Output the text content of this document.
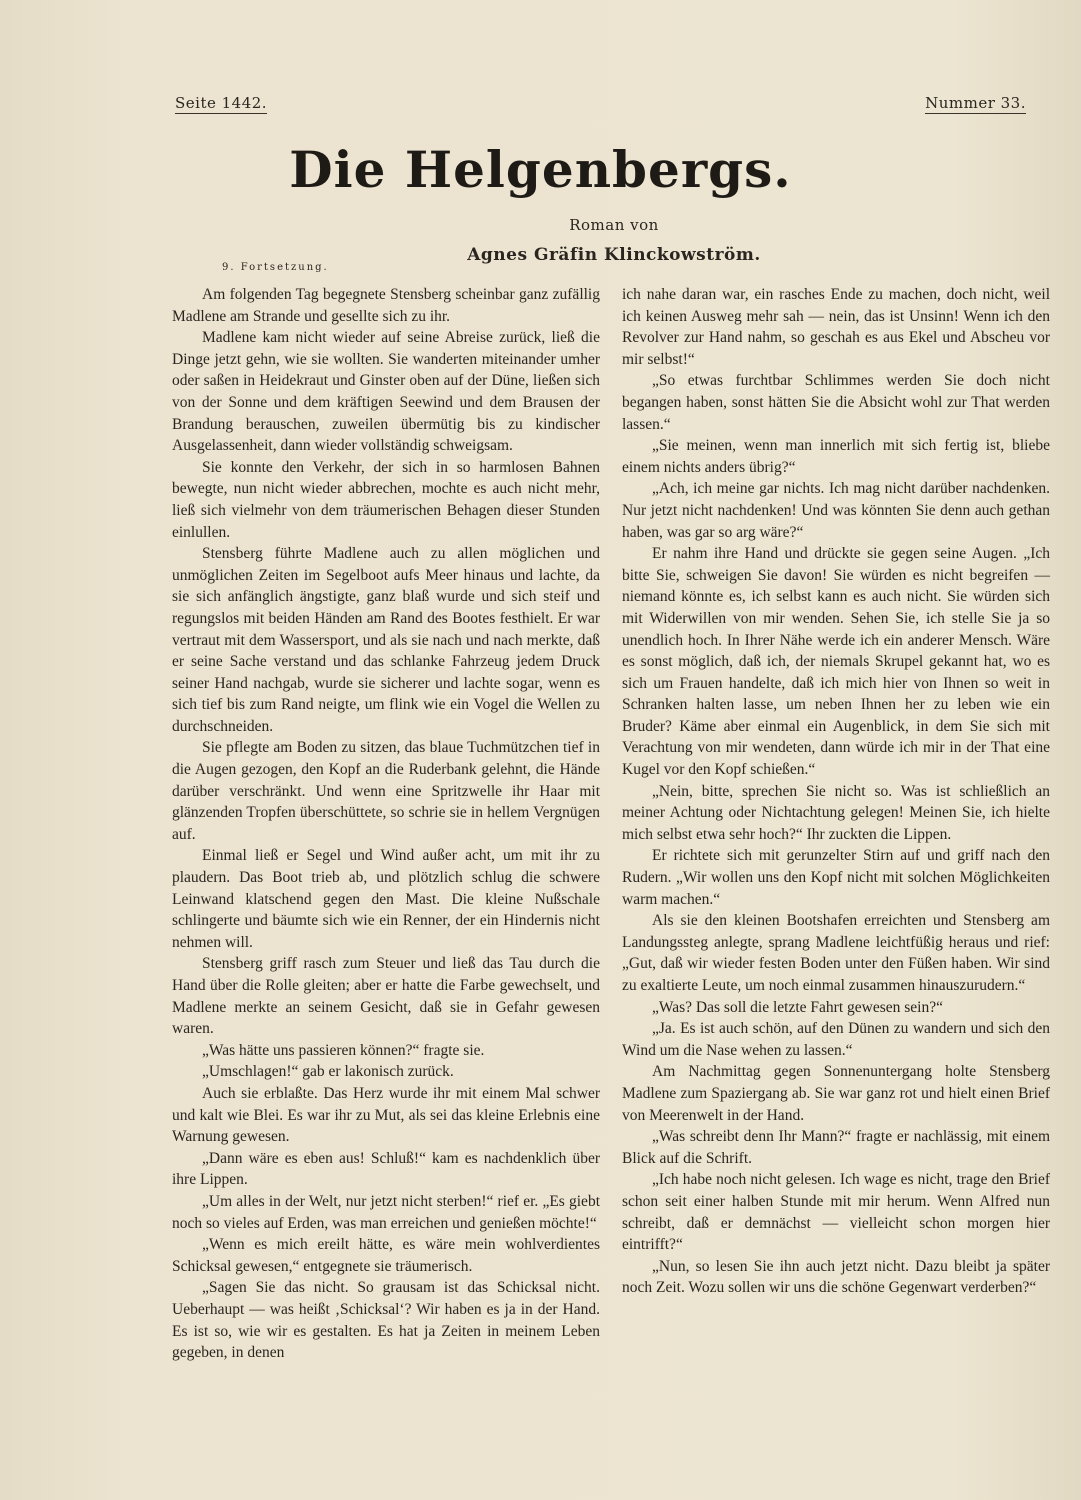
Seite 1442.	Nummer 33.
Die Helgenbergs.
Roman von
Agnes Gräfin Klinckowström.
9. Fortsetzung.

Am folgenden Tag begegnete Stensberg scheinbar ganz zufällig Madlene am Strande und gesellte sich zu ihr.

Madlene kam nicht wieder auf seine Abreise zurück, ließ die Dinge jetzt gehn, wie sie wollten. Sie wanderten miteinander umher oder saßen in Heidekraut und Ginster oben auf der Düne, ließen sich von der Sonne und dem kräftigen Seewind und dem Brausen der Brandung berauschen, zuweilen übermütig bis zu kindischer Ausgelassenheit, dann wieder vollständig schweigsam.

Sie konnte den Verkehr, der sich in so harmlosen Bahnen bewegte, nun nicht wieder abbrechen, mochte es auch nicht mehr, ließ sich vielmehr von dem träumerischen Behagen dieser Stunden einlullen.

Stensberg führte Madlene auch zu allen möglichen und unmöglichen Zeiten im Segelboot aufs Meer hinaus und lachte, da sie sich anfänglich ängstigte, ganz blaß wurde und sich steif und regungslos mit beiden Händen am Rand des Bootes festhielt. Er war vertraut mit dem Wassersport, und als sie nach und nach merkte, daß er seine Sache verstand und das schlanke Fahrzeug jedem Druck seiner Hand nachgab, wurde sie sicherer und lachte sogar, wenn es sich tief bis zum Rand neigte, um flink wie ein Vogel die Wellen zu durchschneiden.

Sie pflegte am Boden zu sitzen, das blaue Tuchmützchen tief in die Augen gezogen, den Kopf an die Ruderbank gelehnt, die Hände darüber verschränkt. Und wenn eine Spritzwelle ihr Haar mit glänzenden Tropfen überschüttete, so schrie sie in hellem Vergnügen auf.

Einmal ließ er Segel und Wind außer acht, um mit ihr zu plaudern. Das Boot trieb ab, und plötzlich schlug die schwere Leinwand klatschend gegen den Mast. Die kleine Nußschale schlingerte und bäumte sich wie ein Renner, der ein Hindernis nicht nehmen will.

Stensberg griff rasch zum Steuer und ließ das Tau durch die Hand über die Rolle gleiten; aber er hatte die Farbe gewechselt, und Madlene merkte an seinem Gesicht, daß sie in Gefahr gewesen waren.

„Was hätte uns passieren können?“ fragte sie.

„Umschlagen!“ gab er lakonisch zurück.

Auch sie erblaßte. Das Herz wurde ihr mit einem Mal schwer und kalt wie Blei. Es war ihr zu Mut, als sei das kleine Erlebnis eine Warnung gewesen.

„Dann wäre es eben aus! Schluß!“ kam es nachdenklich über ihre Lippen.

„Um alles in der Welt, nur jetzt nicht sterben!“ rief er. „Es giebt noch so vieles auf Erden, was man erreichen und genießen möchte!“

„Wenn es mich ereilt hätte, es wäre mein wohlverdientes Schicksal gewesen,“ entgegnete sie träumerisch.

„Sagen Sie das nicht. So grausam ist das Schicksal nicht. Ueberhaupt — was heißt ‚Schicksal‘? Wir haben es ja in der Hand. Es ist so, wie wir es gestalten. Es hat ja Zeiten in meinem Leben gegeben, in denen

ich nahe daran war, ein rasches Ende zu machen, doch nicht, weil ich keinen Ausweg mehr sah — nein, das ist Unsinn! Wenn ich den Revolver zur Hand nahm, so geschah es aus Ekel und Abscheu vor mir selbst!“

„So etwas furchtbar Schlimmes werden Sie doch nicht begangen haben, sonst hätten Sie die Absicht wohl zur That werden lassen.“

„Sie meinen, wenn man innerlich mit sich fertig ist, bliebe einem nichts anders übrig?“

„Ach, ich meine gar nichts. Ich mag nicht darüber nachdenken. Nur jetzt nicht nachdenken! Und was könnten Sie denn auch gethan haben, was gar so arg wäre?“

Er nahm ihre Hand und drückte sie gegen seine Augen. „Ich bitte Sie, schweigen Sie davon! Sie würden es nicht begreifen — niemand könnte es, ich selbst kann es auch nicht. Sie würden sich mit Widerwillen von mir wenden. Sehen Sie, ich stelle Sie ja so unendlich hoch. In Ihrer Nähe werde ich ein anderer Mensch. Wäre es sonst möglich, daß ich, der niemals Skrupel gekannt hat, wo es sich um Frauen handelte, daß ich mich hier von Ihnen so weit in Schranken halten lasse, um neben Ihnen her zu leben wie ein Bruder? Käme aber einmal ein Augenblick, in dem Sie sich mit Verachtung von mir wendeten, dann würde ich mir in der That eine Kugel vor den Kopf schießen.“

„Nein, bitte, sprechen Sie nicht so. Was ist schließlich an meiner Achtung oder Nichtachtung gelegen! Meinen Sie, ich hielte mich selbst etwa sehr hoch?“ Ihr zuckten die Lippen.

Er richtete sich mit gerunzelter Stirn auf und griff nach den Rudern. „Wir wollen uns den Kopf nicht mit solchen Möglichkeiten warm machen.“

Als sie den kleinen Bootshafen erreichten und Stensberg am Landungssteg anlegte, sprang Madlene leichtfüßig heraus und rief: „Gut, daß wir wieder festen Boden unter den Füßen haben. Wir sind zu exaltierte Leute, um noch einmal zusammen hinauszurudern.“

„Was? Das soll die letzte Fahrt gewesen sein?“

„Ja. Es ist auch schön, auf den Dünen zu wandern und sich den Wind um die Nase wehen zu lassen.“

Am Nachmittag gegen Sonnenuntergang holte Stensberg Madlene zum Spaziergang ab. Sie war ganz rot und hielt einen Brief von Meerenwelt in der Hand.

„Was schreibt denn Ihr Mann?“ fragte er nachlässig, mit einem Blick auf die Schrift.

„Ich habe noch nicht gelesen. Ich wage es nicht, trage den Brief schon seit einer halben Stunde mit mir herum. Wenn Alfred nun schreibt, daß er demnächst — vielleicht schon morgen hier eintrifft?“

„Nun, so lesen Sie ihn auch jetzt nicht. Dazu bleibt ja später noch Zeit. Wozu sollen wir uns die schöne Gegenwart verderben?“
